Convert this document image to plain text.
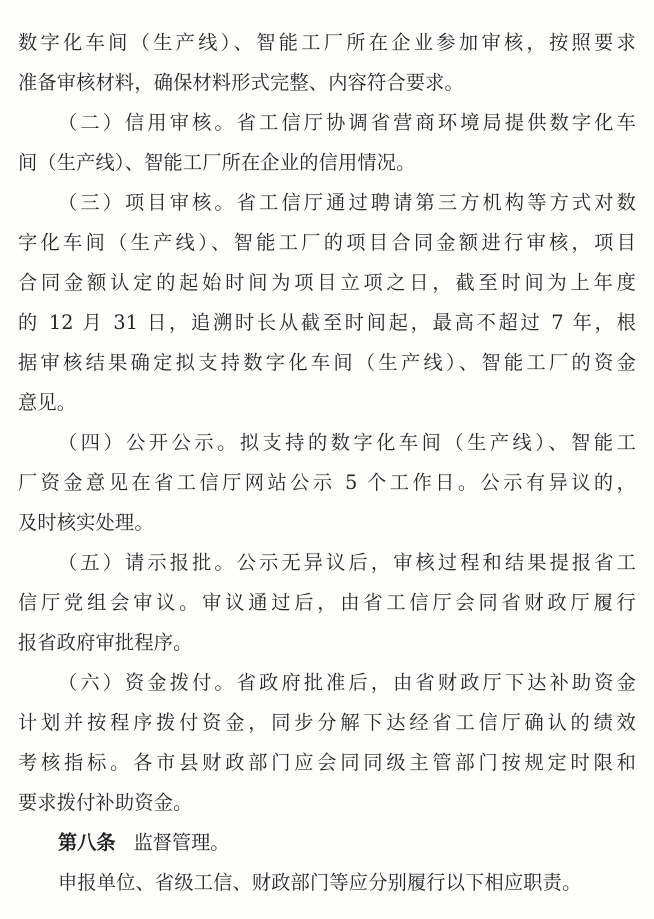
数字化车间（生产线）、智能工厂所在企业参加审核，按照要求
准备审核材料，确保材料形式完整、内容符合要求。
（二）信用审核。省工信厅协调省营商环境局提供数字化车
间（生产线）、智能工厂所在企业的信用情况。
（三）项目审核。省工信厅通过聘请第三方机构等方式对数
字化车间（生产线）、智能工厂的项目合同金额进行审核，项目
合同金额认定的起始时间为项目立项之日，截至时间为上年度
的 12 月 31 日，追溯时长从截至时间起，最高不超过 7 年，根
据审核结果确定拟支持数字化车间（生产线）、智能工厂的资金
意见。
（四）公开公示。拟支持的数字化车间（生产线）、智能工
厂资金意见在省工信厅网站公示 5 个工作日。公示有异议的，
及时核实处理。
（五）请示报批。公示无异议后，审核过程和结果提报省工
信厅党组会审议。审议通过后，由省工信厅会同省财政厅履行
报省政府审批程序。
（六）资金拨付。省政府批准后，由省财政厅下达补助资金
计划并按程序拨付资金，同步分解下达经省工信厅确认的绩效
考核指标。各市县财政部门应会同同级主管部门按规定时限和
要求拨付补助资金。
第八条 监督管理。
申报单位、省级工信、财政部门等应分别履行以下相应职责。
